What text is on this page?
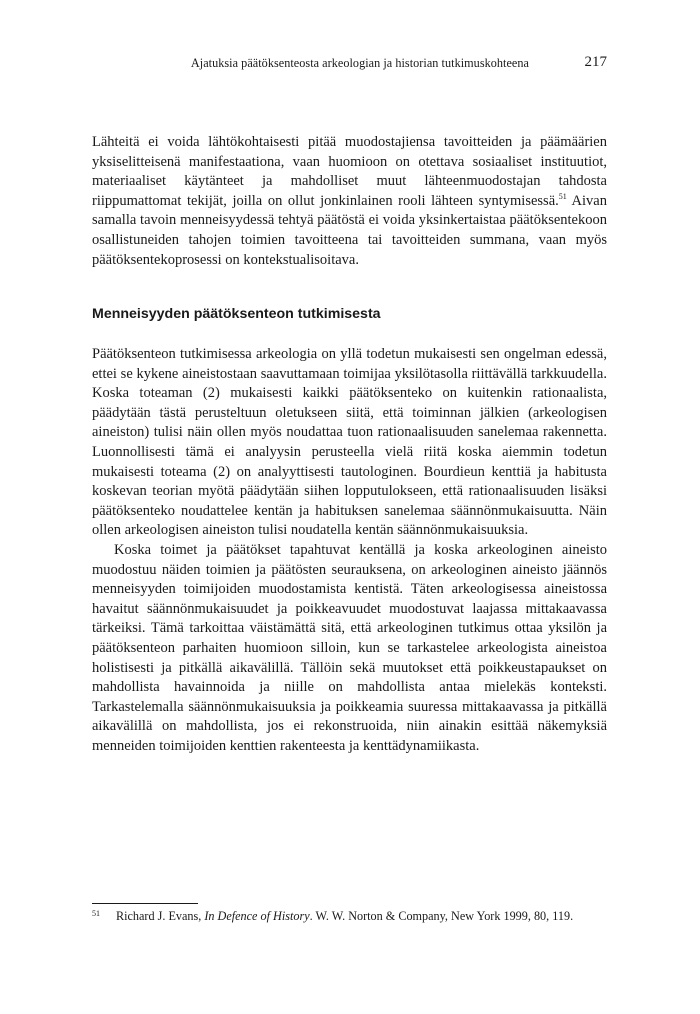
Ajatuksia päätöksenteosta arkeologian ja historian tutkimuskohteena	217

Lähteitä ei voida lähtökohtaisesti pitää muodostajiensa tavoitteiden ja päämäärien yksiselitteisenä manifestaationa, vaan huomioon on otettava sosiaaliset instituutiot, materiaaliset käytänteet ja mahdolliset muut lähteenmuodostajan tahdosta riippumattomat tekijät, joilla on ollut jonkinlainen rooli lähteen syntymisessä.$^{51}$ Aivan samalla tavoin menneisyydessä tehtyä päätöstä ei voida yksinkertaistaa päätöksentekoon osallistuneiden tahojen toimien tavoitteena tai tavoitteiden summana, vaan myös päätöksentekoprosessi on kontekstualisoitava.

Menneisyyden päätöksenteon tutkimisesta

Päätöksenteon tutkimisessa arkeologia on yllä todetun mukaisesti sen ongelman edessä, ettei se kykene aineistostaan saavuttamaan toimijaa yksilötasolla riittävällä tarkkuudella. Koska toteaman (2) mukaisesti kaikki päätöksenteko on kuitenkin rationaalista, päädytään tästä perusteltuun oletukseen siitä, että toiminnan jälkien (arkeologisen aineiston) tulisi näin ollen myös noudattaa tuon rationaalisuuden sanelemaa rakennetta. Luonnollisesti tämä ei analyysin perusteella vielä riitä koska aiemmin todetun mukaisesti toteama (2) on analyyttisesti tautologinen. Bourdieun kenttiä ja habitusta koskevan teorian myötä päädytään siihen lopputulokseen, että rationaalisuuden lisäksi päätöksenteko noudattelee kentän ja habituksen sanelemaa säännönmukaisuutta. Näin ollen arkeologisen aineiston tulisi noudatella kentän säännönmukaisuuksia.

Koska toimet ja päätökset tapahtuvat kentällä ja koska arkeologinen aineisto muodostuu näiden toimien ja päätösten seurauksena, on arkeologinen aineisto jäännös menneisyyden toimijoiden muodostamista kentistä. Täten arkeologisessa aineistossa havaitut säännönmukaisuudet ja poikkeavuudet muodostuvat laajassa mittakaavassa tärkeiksi. Tämä tarkoittaa väistämättä sitä, että arkeologinen tutkimus ottaa yksilön ja päätöksenteon parhaiten huomioon silloin, kun se tarkastelee arkeologista aineistoa holistisesti ja pitkällä aikavälillä. Tällöin sekä muutokset että poikkeustapaukset on mahdollista havainnoida ja niille on mahdollista antaa mielekäs konteksti. Tarkastelemalla säännönmukaisuuksia ja poikkeamia suuressa mittakaavassa ja pitkällä aikavälillä on mahdollista, jos ei rekonstruoida, niin ainakin esittää näkemyksiä menneiden toimijoiden kenttien rakenteesta ja kenttädynamiikasta.

$^{51}$ Richard J. Evans, In Defence of History. W. W. Norton & Company, New York 1999, 80, 119.
